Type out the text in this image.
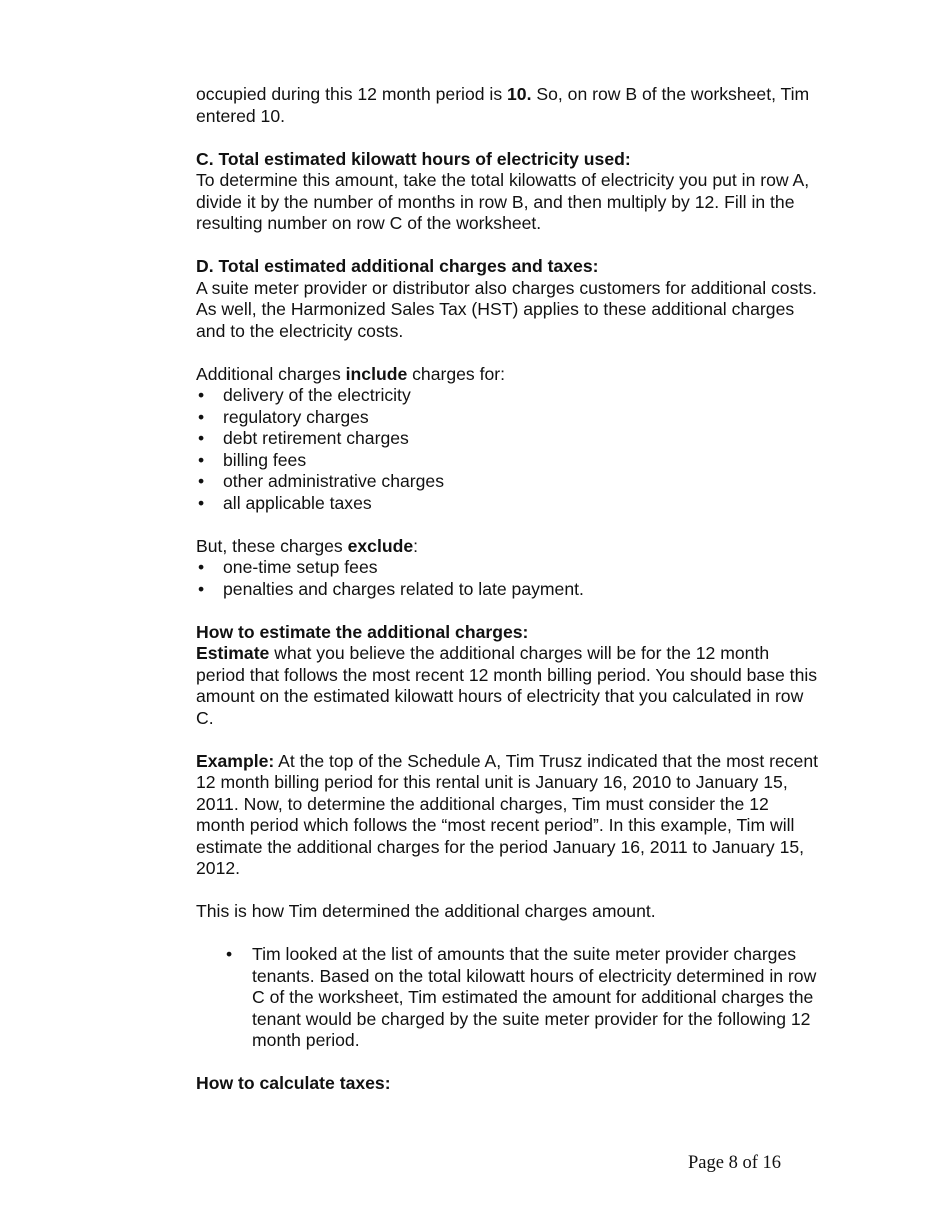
occupied during this 12 month period is 10. So, on row B of the worksheet, Tim entered 10.

C. Total estimated kilowatt hours of electricity used:

To determine this amount, take the total kilowatts of electricity you put in row A, divide it by the number of months in row B, and then multiply by 12. Fill in the resulting number on row C of the worksheet.

D. Total estimated additional charges and taxes:

A suite meter provider or distributor also charges customers for additional costs. As well, the Harmonized Sales Tax (HST) applies to these additional charges and to the electricity costs.

Additional charges include charges for:

• delivery of the electricity
• regulatory charges
• debt retirement charges
• billing fees
• other administrative charges
• all applicable taxes

But, these charges exclude:

• one-time setup fees
• penalties and charges related to late payment.

How to estimate the additional charges:

Estimate what you believe the additional charges will be for the 12 month period that follows the most recent 12 month billing period. You should base this amount on the estimated kilowatt hours of electricity that you calculated in row C.

Example: At the top of the Schedule A, Tim Trusz indicated that the most recent 12 month billing period for this rental unit is January 16, 2010 to January 15, 2011. Now, to determine the additional charges, Tim must consider the 12 month period which follows the “most recent period”. In this example, Tim will estimate the additional charges for the period January 16, 2011 to January 15, 2012.

This is how Tim determined the additional charges amount.

• Tim looked at the list of amounts that the suite meter provider charges tenants. Based on the total kilowatt hours of electricity determined in row C of the worksheet, Tim estimated the amount for additional charges the tenant would be charged by the suite meter provider for the following 12 month period.

How to calculate taxes:

Page 8 of 16
